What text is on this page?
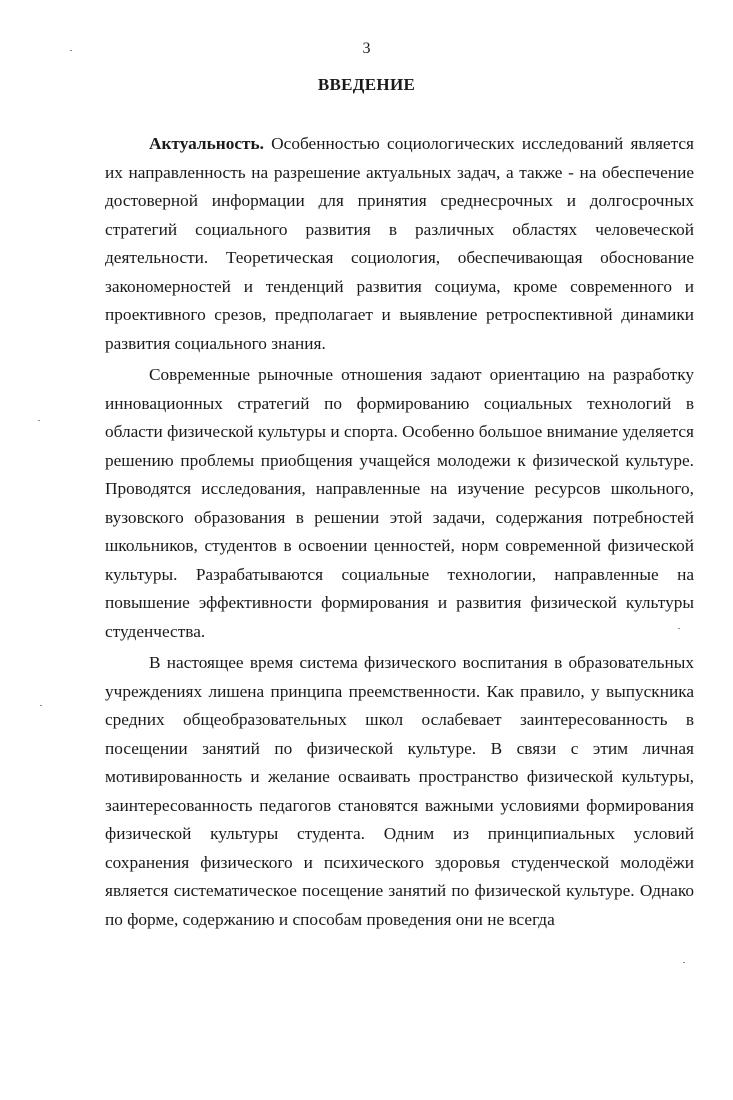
3
ВВЕДЕНИЕ

Актуальность. Особенностью социологических исследований является их направленность на разрешение актуальных задач, а также - на обеспечение достоверной информации для принятия среднесрочных и долгосрочных стратегий социального развития в различных областях человеческой деятельности. Теоретическая социология, обеспечивающая обоснование закономерностей и тенденций развития социума, кроме современного и проективного срезов, предполагает и выявление ретроспективной динамики развития социального знания.

Современные рыночные отношения задают ориентацию на разработку инновационных стратегий по формированию социальных технологий в области физической культуры и спорта. Особенно большое внимание уделяется решению проблемы приобщения учащейся молодежи к физической культуре. Проводятся исследования, направленные на изучение ресурсов школьного, вузовского образования в решении этой задачи, содержания потребностей школьников, студентов в освоении ценностей, норм современной физической культуры. Разрабатываются социальные технологии, направленные на повышение эффективности формирования и развития физической культуры студенчества.

В настоящее время система физического воспитания в образовательных учреждениях лишена принципа преемственности. Как правило, у выпускника средних общеобразовательных школ ослабевает заинтересованность в посещении занятий по физической культуре. В связи с этим личная мотивированность и желание осваивать пространство физической культуры, заинтересованность педагогов становятся важными условиями формирования физической культуры студента. Одним из принципиальных условий сохранения физического и психического здоровья студенческой молодёжи является систематическое посещение занятий по физической культуре. Однако по форме, содержанию и способам проведения они не всегда
